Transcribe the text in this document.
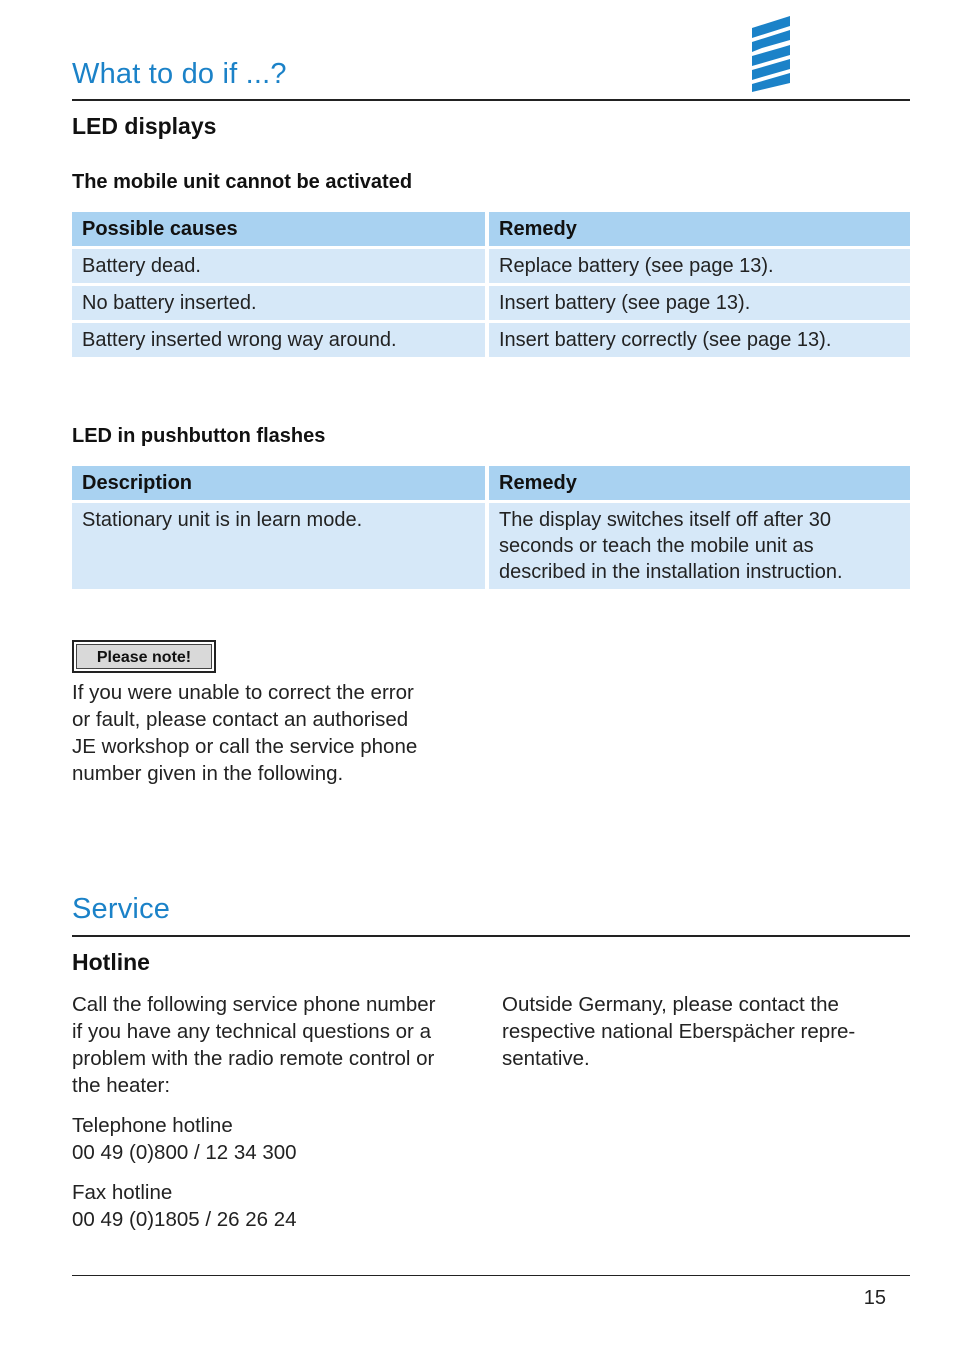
What to do if ...?
LED displays
The mobile unit cannot be activated
Possible causes	Remedy
Battery dead.	Replace battery (see page 13).
No battery inserted.	Insert battery (see page 13).
Battery inserted wrong way around.	Insert battery correctly (see page 13).
LED in pushbutton flashes
Description	Remedy
Stationary unit is in learn mode.	The display switches itself off after 30 seconds or teach the mobile unit as described in the installation instruction.
Please note!
If you were unable to correct the error
or fault, please contact an authorised
JE workshop or call the service phone
number given in the following.
Service
Hotline
Call the following service phone number
if you have any technical questions or a
problem with the radio remote control or
the heater:
Telephone hotline
00 49 (0)800 / 12 34 300
Fax hotline
00 49 (0)1805 / 26 26 24
Outside Germany, please contact the
respective national Eberspächer repre-
sentative.
15
